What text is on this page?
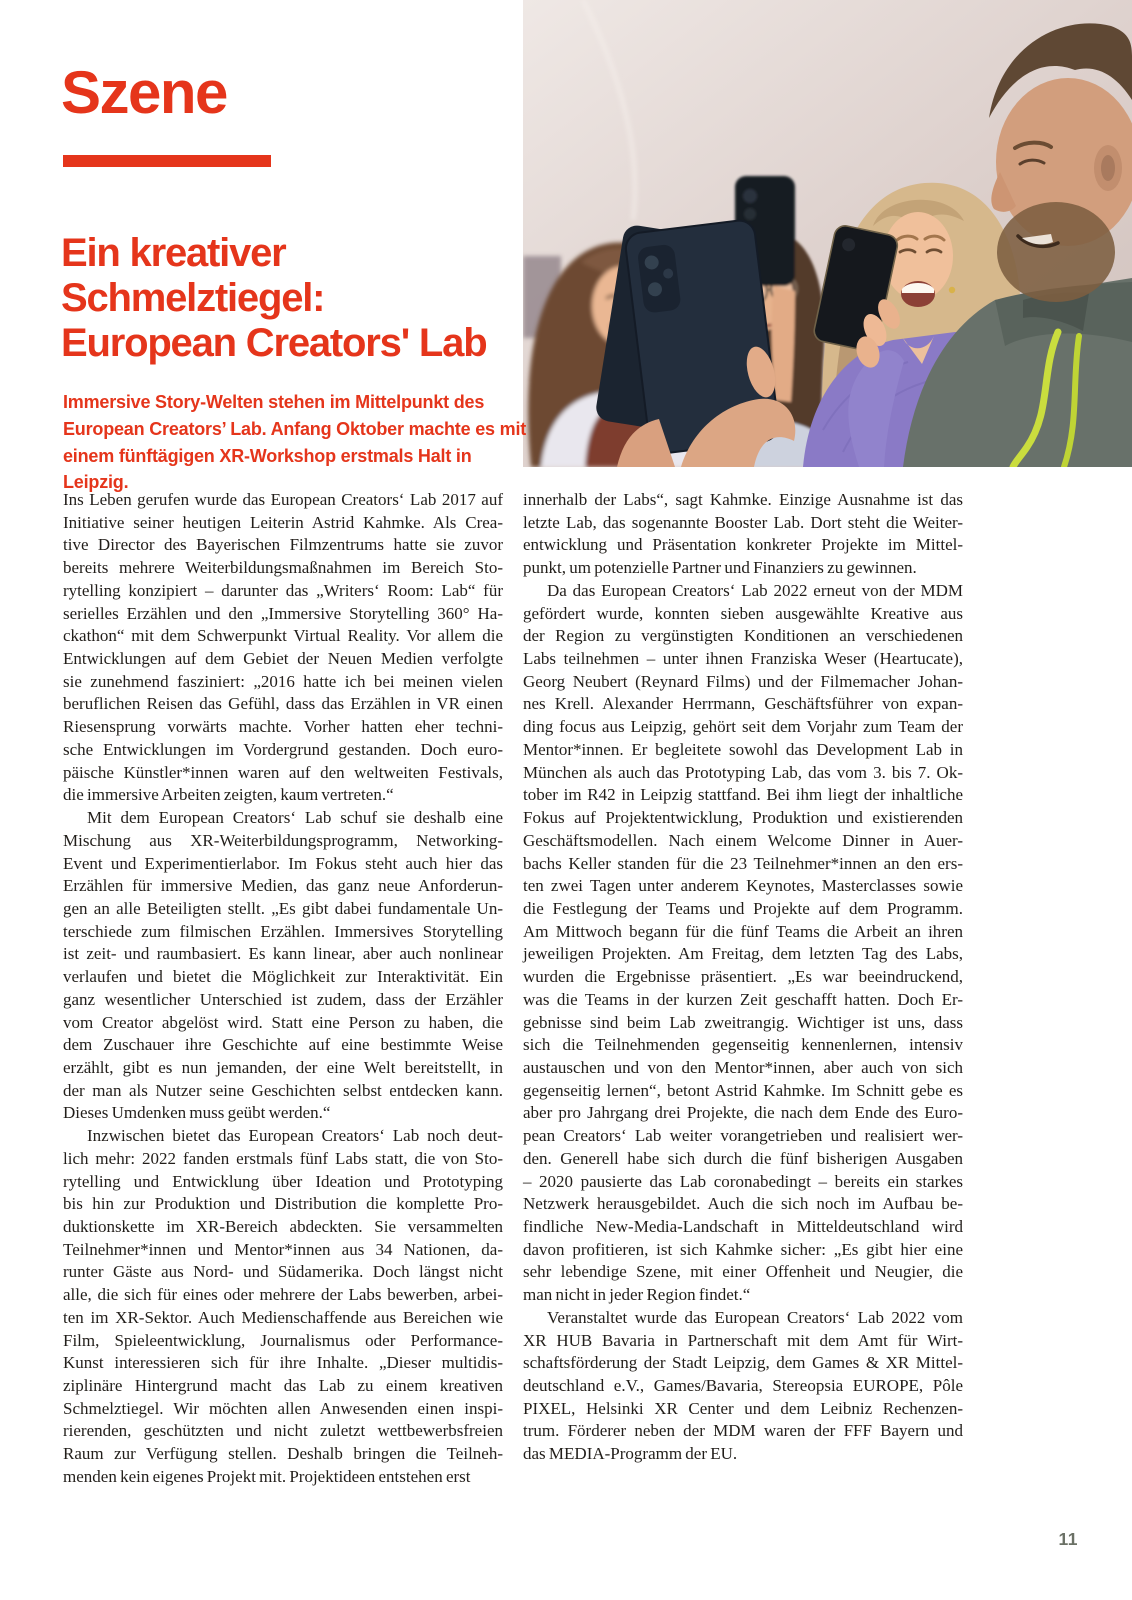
Szene
Ein kreativer
Schmelztiegel:
European Creators' Lab

Immersive Story-Welten stehen im Mittelpunkt des
European Creators’ Lab. Anfang Oktober machte es mit
einem fünftägigen XR-Workshop erstmals Halt in Leipzig.

Ins Leben gerufen wurde das European Creators‘ Lab 2017 auf
Initiative seiner heutigen Leiterin Astrid Kahmke. Als Crea-
tive Director des Bayerischen Filmzentrums hatte sie zuvor
bereits mehrere Weiterbildungsmaßnahmen im Bereich Sto-
rytelling konzipiert – darunter das „Writers‘ Room: Lab“ für
serielles Erzählen und den „Immersive Storytelling 360° Ha-
ckathon“ mit dem Schwerpunkt Virtual Reality. Vor allem die
Entwicklungen auf dem Gebiet der Neuen Medien verfolgte
sie zunehmend fasziniert: „2016 hatte ich bei meinen vielen
beruflichen Reisen das Gefühl, dass das Erzählen in VR einen
Riesensprung vorwärts machte. Vorher hatten eher techni-
sche Entwicklungen im Vordergrund gestanden. Doch euro-
päische Künstler*innen waren auf den weltweiten Festivals,
die immersive Arbeiten zeigten, kaum vertreten.“
Mit dem European Creators‘ Lab schuf sie deshalb eine
Mischung aus XR-Weiterbildungsprogramm, Networking-
Event und Experimentierlabor. Im Fokus steht auch hier das
Erzählen für immersive Medien, das ganz neue Anforderun-
gen an alle Beteiligten stellt. „Es gibt dabei fundamentale Un-
terschiede zum filmischen Erzählen. Immersives Storytelling
ist zeit- und raumbasiert. Es kann linear, aber auch nonlinear
verlaufen und bietet die Möglichkeit zur Interaktivität. Ein
ganz wesentlicher Unterschied ist zudem, dass der Erzähler
vom Creator abgelöst wird. Statt eine Person zu haben, die
dem Zuschauer ihre Geschichte auf eine bestimmte Weise
erzählt, gibt es nun jemanden, der eine Welt bereitstellt, in
der man als Nutzer seine Geschichten selbst entdecken kann.
Dieses Umdenken muss geübt werden.“
Inzwischen bietet das European Creators‘ Lab noch deut-
lich mehr: 2022 fanden erstmals fünf Labs statt, die von Sto-
rytelling und Entwicklung über Ideation und Prototyping
bis hin zur Produktion und Distribution die komplette Pro-
duktionskette im XR-Bereich abdeckten. Sie versammelten
Teilnehmer*innen und Mentor*innen aus 34 Nationen, da-
runter Gäste aus Nord- und Südamerika. Doch längst nicht
alle, die sich für eines oder mehrere der Labs bewerben, arbei-
ten im XR-Sektor. Auch Medienschaffende aus Bereichen wie
Film, Spieleentwicklung, Journalismus oder Performance-
Kunst interessieren sich für ihre Inhalte. „Dieser multidis-
ziplinäre Hintergrund macht das Lab zu einem kreativen
Schmelztiegel. Wir möchten allen Anwesenden einen inspi-
rierenden, geschützten und nicht zuletzt wettbewerbsfreien
Raum zur Verfügung stellen. Deshalb bringen die Teilneh-
menden kein eigenes Projekt mit. Projektideen entstehen erst
innerhalb der Labs“, sagt Kahmke. Einzige Ausnahme ist das
letzte Lab, das sogenannte Booster Lab. Dort steht die Weiter-
entwicklung und Präsentation konkreter Projekte im Mittel-
punkt, um potenzielle Partner und Finanziers zu gewinnen.
Da das European Creators‘ Lab 2022 erneut von der MDM
gefördert wurde, konnten sieben ausgewählte Kreative aus
der Region zu vergünstigten Konditionen an verschiedenen
Labs teilnehmen – unter ihnen Franziska Weser (Heartucate),
Georg Neubert (Reynard Films) und der Filmemacher Johan-
nes Krell. Alexander Herrmann, Geschäftsführer von expan-
ding focus aus Leipzig, gehört seit dem Vorjahr zum Team der
Mentor*innen. Er begleitete sowohl das Development Lab in
München als auch das Prototyping Lab, das vom 3. bis 7. Ok-
tober im R42 in Leipzig stattfand. Bei ihm liegt der inhaltliche
Fokus auf Projektentwicklung, Produktion und existierenden
Geschäftsmodellen. Nach einem Welcome Dinner in Auer-
bachs Keller standen für die 23 Teilnehmer*innen an den ers-
ten zwei Tagen unter anderem Keynotes, Masterclasses sowie
die Festlegung der Teams und Projekte auf dem Programm.
Am Mittwoch begann für die fünf Teams die Arbeit an ihren
jeweiligen Projekten. Am Freitag, dem letzten Tag des Labs,
wurden die Ergebnisse präsentiert. „Es war beeindruckend,
was die Teams in der kurzen Zeit geschafft hatten. Doch Er-
gebnisse sind beim Lab zweitrangig. Wichtiger ist uns, dass
sich die Teilnehmenden gegenseitig kennenlernen, intensiv
austauschen und von den Mentor*innen, aber auch von sich
gegenseitig lernen“, betont Astrid Kahmke. Im Schnitt gebe es
aber pro Jahrgang drei Projekte, die nach dem Ende des Euro-
pean Creators‘ Lab weiter vorangetrieben und realisiert wer-
den. Generell habe sich durch die fünf bisherigen Ausgaben
– 2020 pausierte das Lab coronabedingt – bereits ein starkes
Netzwerk herausgebildet. Auch die sich noch im Aufbau be-
findliche New-Media-Landschaft in Mitteldeutschland wird
davon profitieren, ist sich Kahmke sicher: „Es gibt hier eine
sehr lebendige Szene, mit einer Offenheit und Neugier, die
man nicht in jeder Region findet.“
Veranstaltet wurde das European Creators‘ Lab 2022 vom
XR HUB Bavaria in Partnerschaft mit dem Amt für Wirt-
schaftsförderung der Stadt Leipzig, dem Games & XR Mittel-
deutschland e.V., Games/Bavaria, Stereopsia EUROPE, Pôle
PIXEL, Helsinki XR Center und dem Leibniz Rechenzen-
trum. Förderer neben der MDM waren der FFF Bayern und
das MEDIA-Programm der EU.
11
